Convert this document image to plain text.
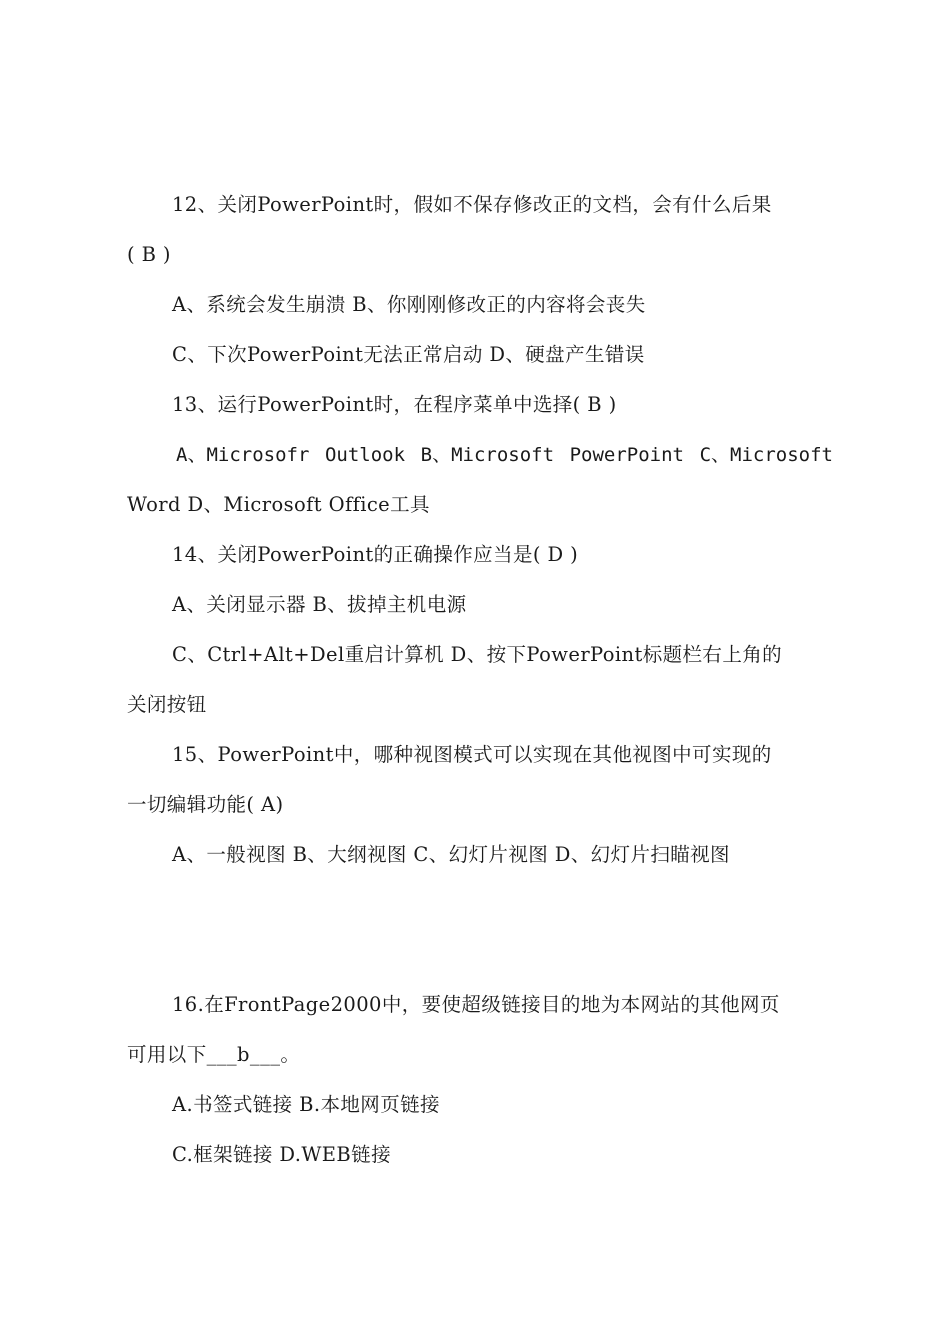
12、关闭PowerPoint时，假如不保存修改正的文档，会有什么后果
( B )
A、系统会发生崩溃 B、你刚刚修改正的内容将会丧失
C、下次PowerPoint无法正常启动 D、硬盘产生错误
13、运行PowerPoint时，在程序菜单中选择( B )
A、Microsofr Outlook B、Microsoft PowerPoint C、Microsoft
Word D、Microsoft Office工具
14、关闭PowerPoint的正确操作应当是( D )
A、关闭显示器 B、拔掉主机电源
C、Ctrl+Alt+Del重启计算机 D、按下PowerPoint标题栏右上角的
关闭按钮
15、PowerPoint中，哪种视图模式可以实现在其他视图中可实现的
一切编辑功能( A)
A、一般视图 B、大纲视图 C、幻灯片视图 D、幻灯片扫瞄视图
16.在FrontPage2000中，要使超级链接目的地为本网站的其他网页
可用以下___b___。
A.书签式链接 B.本地网页链接
C.框架链接 D.WEB链接
